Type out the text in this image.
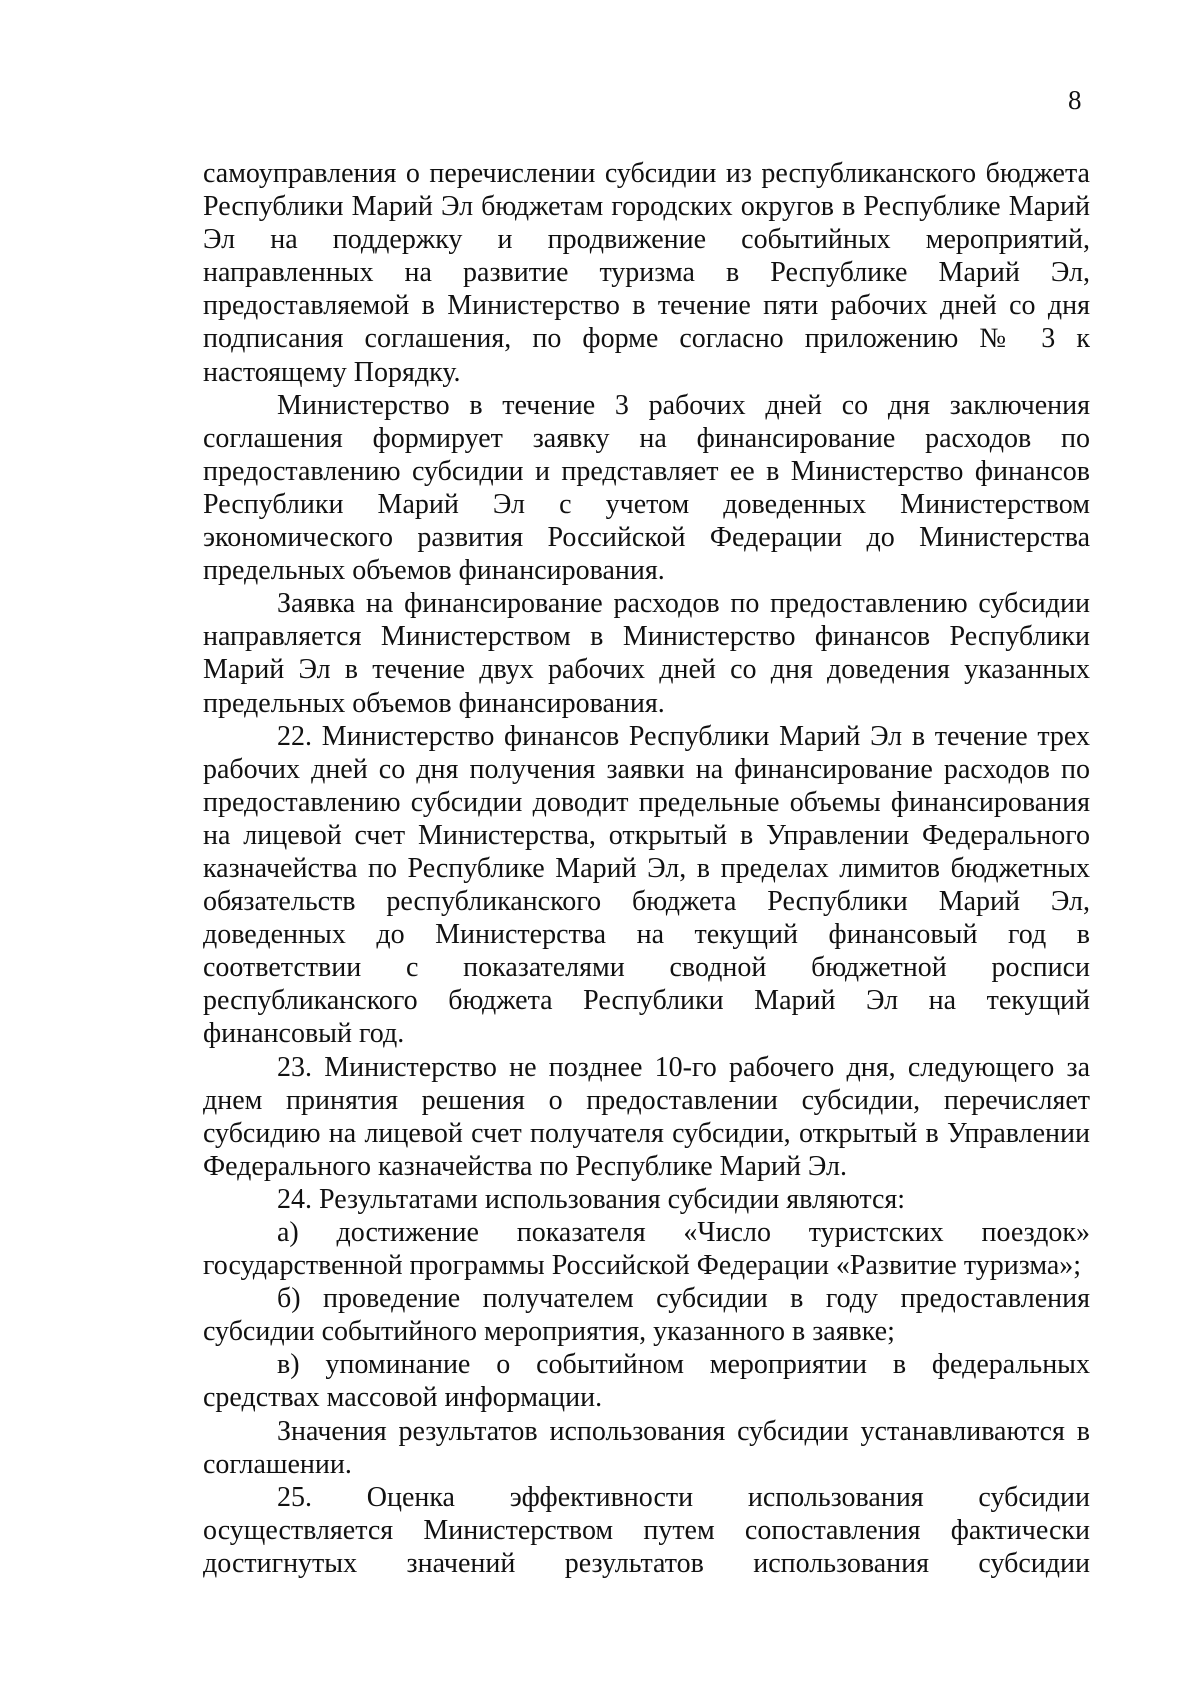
8

самоуправления о перечислении субсидии из республиканского бюджета Республики Марий Эл бюджетам городских округов в Республике Марий Эл на поддержку и продвижение событийных мероприятий, направленных на развитие туризма в Республике Марий Эл, предоставляемой в Министерство в течение пяти рабочих дней со дня подписания соглашения, по форме согласно приложению № 3 к настоящему Порядку.

Министерство в течение 3 рабочих дней со дня заключения соглашения формирует заявку на финансирование расходов по предоставлению субсидии и представляет ее в Министерство финансов Республики Марий Эл с учетом доведенных Министерством экономического развития Российской Федерации до Министерства предельных объемов финансирования.

Заявка на финансирование расходов по предоставлению субсидии направляется Министерством в Министерство финансов Республики Марий Эл в течение двух рабочих дней со дня доведения указанных предельных объемов финансирования.

22. Министерство финансов Республики Марий Эл в течение трех рабочих дней со дня получения заявки на финансирование расходов по предоставлению субсидии доводит предельные объемы финансирования на лицевой счет Министерства, открытый в Управлении Федерального казначейства по Республике Марий Эл, в пределах лимитов бюджетных обязательств республиканского бюджета Республики Марий Эл, доведенных до Министерства на текущий финансовый год в соответствии с показателями сводной бюджетной росписи республиканского бюджета Республики Марий Эл на текущий финансовый год.

23. Министерство не позднее 10-го рабочего дня, следующего за днем принятия решения о предоставлении субсидии, перечисляет субсидию на лицевой счет получателя субсидии, открытый в Управлении Федерального казначейства по Республике Марий Эл.

24. Результатами использования субсидии являются:

а) достижение показателя «Число туристских поездок» государственной программы Российской Федерации «Развитие туризма»;

б) проведение получателем субсидии в году предоставления субсидии событийного мероприятия, указанного в заявке;

в) упоминание о событийном мероприятии в федеральных средствах массовой информации.

Значения результатов использования субсидии устанавливаются в соглашении.

25. Оценка эффективности использования субсидии осуществляется Министерством путем сопоставления фактически достигнутых значений результатов использования субсидии
